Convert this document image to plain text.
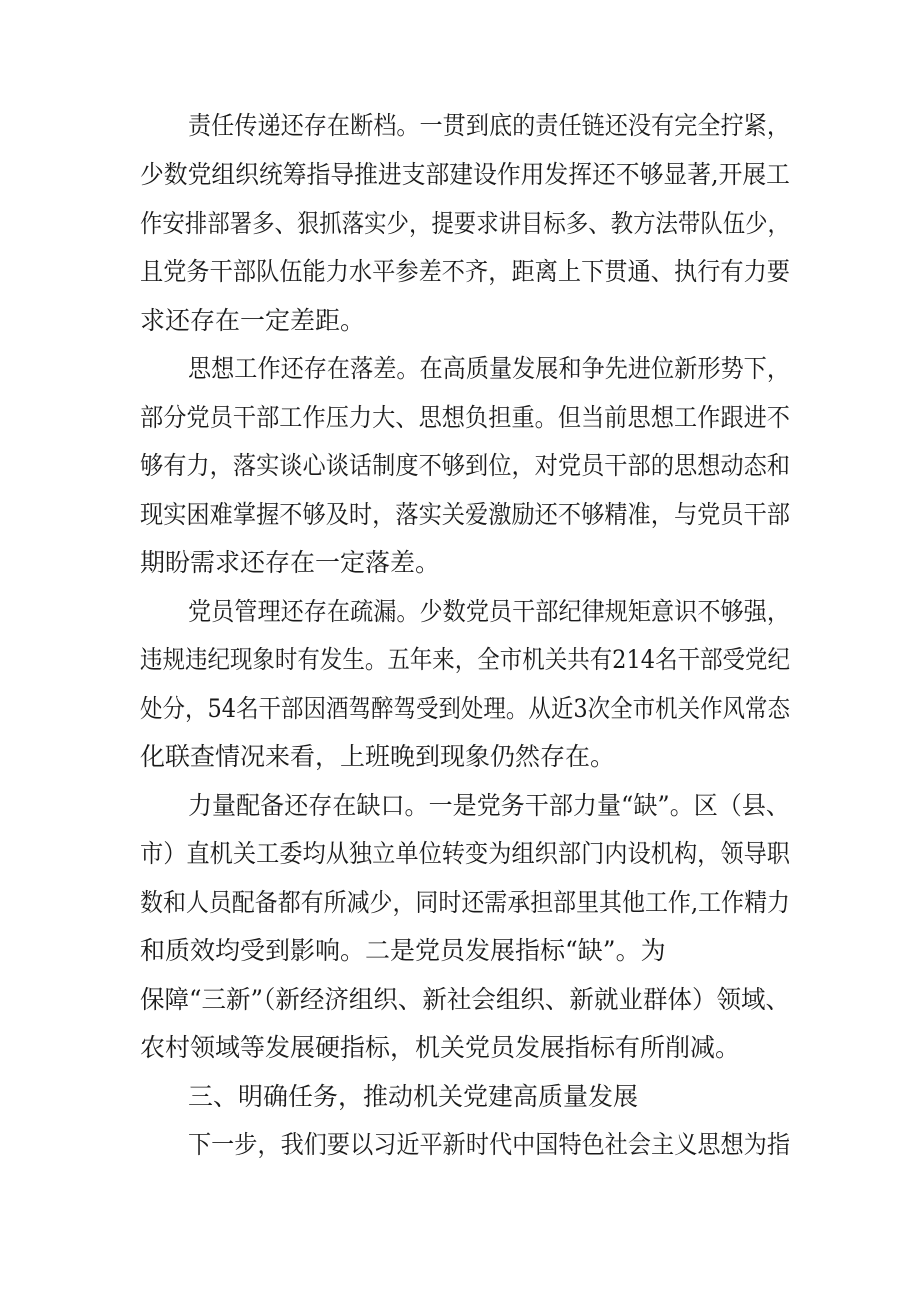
责任传递还存在断档。一贯到底的责任链还没有完全拧紧，
少数党组织统筹指导推进支部建设作用发挥还不够显著,开展工
作安排部署多、狠抓落实少，提要求讲目标多、教方法带队伍少，
且党务干部队伍能力水平参差不齐，距离上下贯通、执行有力要
求还存在一定差距。
思想工作还存在落差。在高质量发展和争先进位新形势下，
部分党员干部工作压力大、思想负担重。但当前思想工作跟进不
够有力，落实谈心谈话制度不够到位，对党员干部的思想动态和
现实困难掌握不够及时，落实关爱激励还不够精准，与党员干部
期盼需求还存在一定落差。
党员管理还存在疏漏。少数党员干部纪律规矩意识不够强，
违规违纪现象时有发生。五年来，全市机关共有214名干部受党纪
处分，54名干部因酒驾醉驾受到处理。从近3次全市机关作风常态
化联查情况来看，上班晚到现象仍然存在。
力量配备还存在缺口。一是党务干部力量“缺”。区（县、
市）直机关工委均从独立单位转变为组织部门内设机构，领导职
数和人员配备都有所减少，同时还需承担部里其他工作,工作精力
和质效均受到影响。二是党员发展指标“缺”。为
保障“三新”（新经济组织、新社会组织、新就业群体）领域、
农村领域等发展硬指标，机关党员发展指标有所削减。
三、明确任务，推动机关党建高质量发展
下一步，我们要以习近平新时代中国特色社会主义思想为指
